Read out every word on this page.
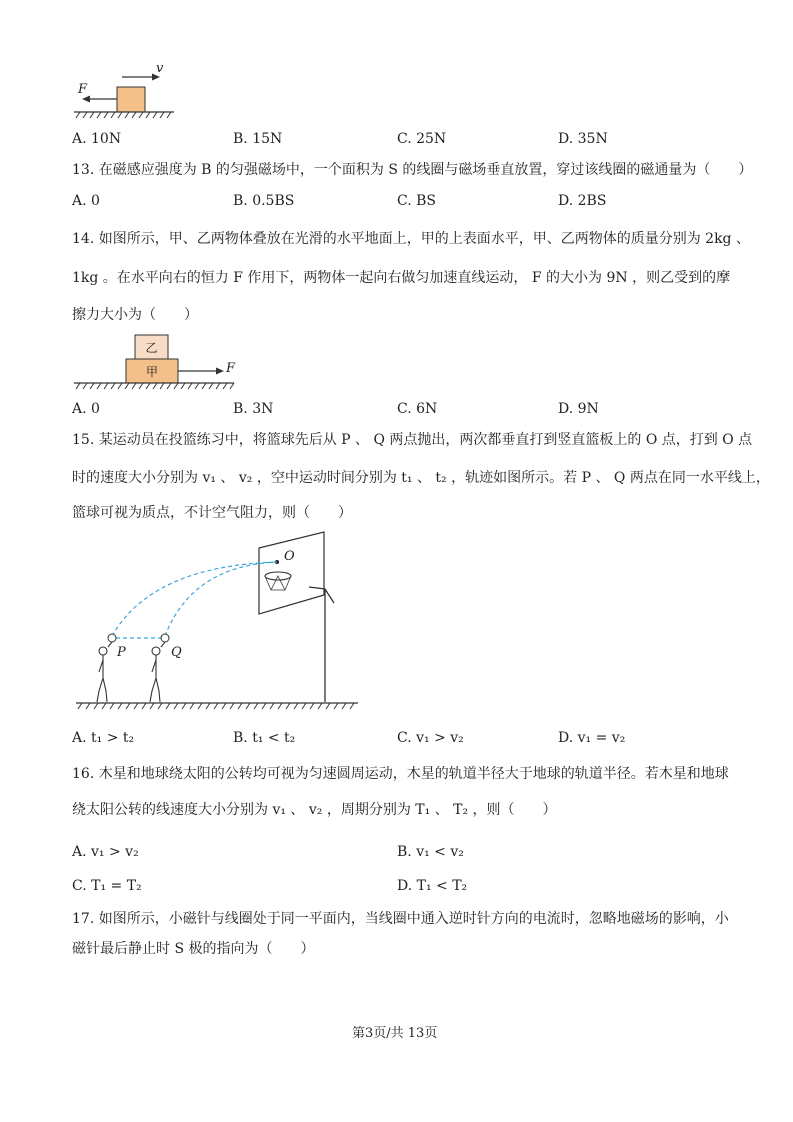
F
v
A. 10N	B. 15N	C. 25N	D. 35N
13. 在磁感应强度为 B 的匀强磁场中，一个面积为 S 的线圈与磁场垂直放置，穿过该线圈的磁通量为（　　）
A. 0	B. 0.5BS	C. BS	D. 2BS
14. 如图所示，甲、乙两物体叠放在光滑的水平地面上，甲的上表面水平，甲、乙两物体的质量分别为 2kg 、
1kg 。在水平向右的恒力 F 作用下，两物体一起向右做匀加速直线运动， F 的大小为 9N ，则乙受到的摩
擦力大小为（　　）
乙
甲	F
A. 0	B. 3N	C. 6N	D. 9N
15. 某运动员在投篮练习中，将篮球先后从 P 、 Q 两点抛出，两次都垂直打到竖直篮板上的 O 点，打到 O 点
时的速度大小分别为 v₁ 、 v₂ ，空中运动时间分别为 t₁ 、 t₂ ，轨迹如图所示。若 P 、 Q 两点在同一水平线上，
篮球可视为质点，不计空气阻力，则（　　）
O
P	Q
A. t₁ > t₂	B. t₁ < t₂	C. v₁ > v₂	D. v₁ = v₂
16. 木星和地球绕太阳的公转均可视为匀速圆周运动，木星的轨道半径大于地球的轨道半径。若木星和地球
绕太阳公转的线速度大小分别为 v₁ 、 v₂ ，周期分别为 T₁ 、 T₂ ，则（　　）
A. v₁ > v₂	B. v₁ < v₂
C. T₁ = T₂	D. T₁ < T₂
17. 如图所示，小磁针与线圈处于同一平面内，当线圈中通入逆时针方向的电流时，忽略地磁场的影响，小
磁针最后静止时 S 极的指向为（　　）
第3页/共 13页
